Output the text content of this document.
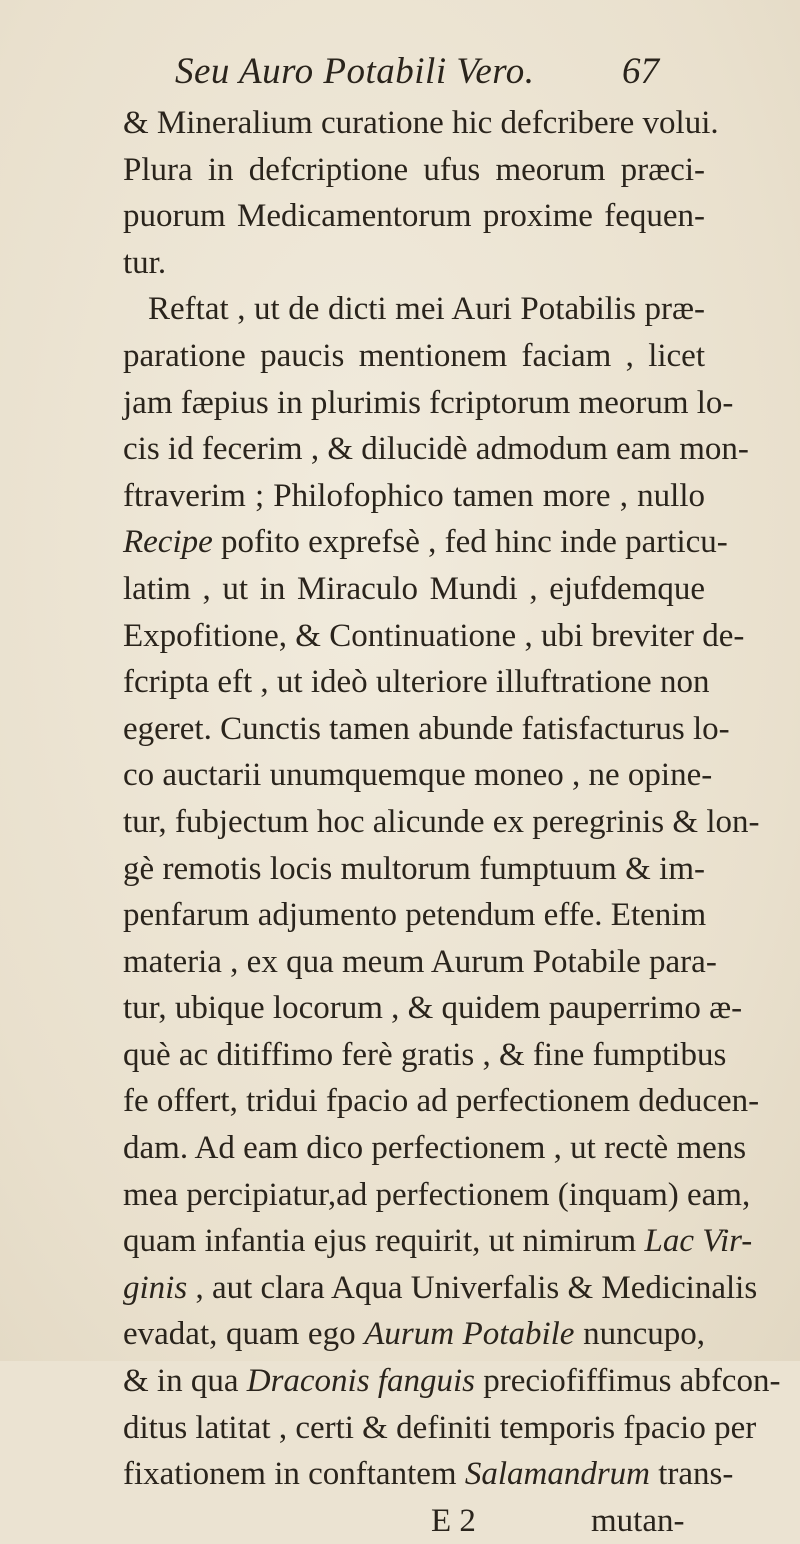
Seu Auro Potabili Vero. 67
& Mineralium curatione hic defcribere volui.
Plura in defcriptione ufus meorum præci-
puorum Medicamentorum proxime fequen-
tur.
Reftat , ut de dicti mei Auri Potabilis præ-
paratione paucis mentionem faciam , licet
jam fæpius in plurimis fcriptorum meorum lo-
cis id fecerim , & dilucidè admodum eam mon-
ftraverim ; Philofophico tamen more , nullo
Recipe pofito exprefsè , fed hinc inde particu-
latim , ut in Miraculo Mundi , ejufdemque
Expofitione, & Continuatione , ubi breviter de-
fcripta eft , ut ideò ulteriore illuftratione non
egeret. Cunctis tamen abunde fatisfacturus lo-
co auctarii unumquemque moneo , ne opine-
tur, fubjectum hoc alicunde ex peregrinis & lon-
gè remotis locis multorum fumptuum & im-
penfarum adjumento petendum effe. Etenim
materia , ex qua meum Aurum Potabile para-
tur, ubique locorum , & quidem pauperrimo æ-
què ac ditiffimo ferè gratis , & fine fumptibus
fe offert, tridui fpacio ad perfectionem deducen-
dam. Ad eam dico perfectionem , ut rectè mens
mea percipiatur,ad perfectionem (inquam) eam,
quam infantia ejus requirit, ut nimirum Lac Vir-
ginis , aut clara Aqua Univerfalis & Medicinalis
evadat, quam ego Aurum Potabile nuncupo,
& in qua Draconis fanguis preciofiffimus abfcon-
ditus latitat , certi & definiti temporis fpacio per
fixationem in conftantem Salamandrum trans-
E 2	mutan-
